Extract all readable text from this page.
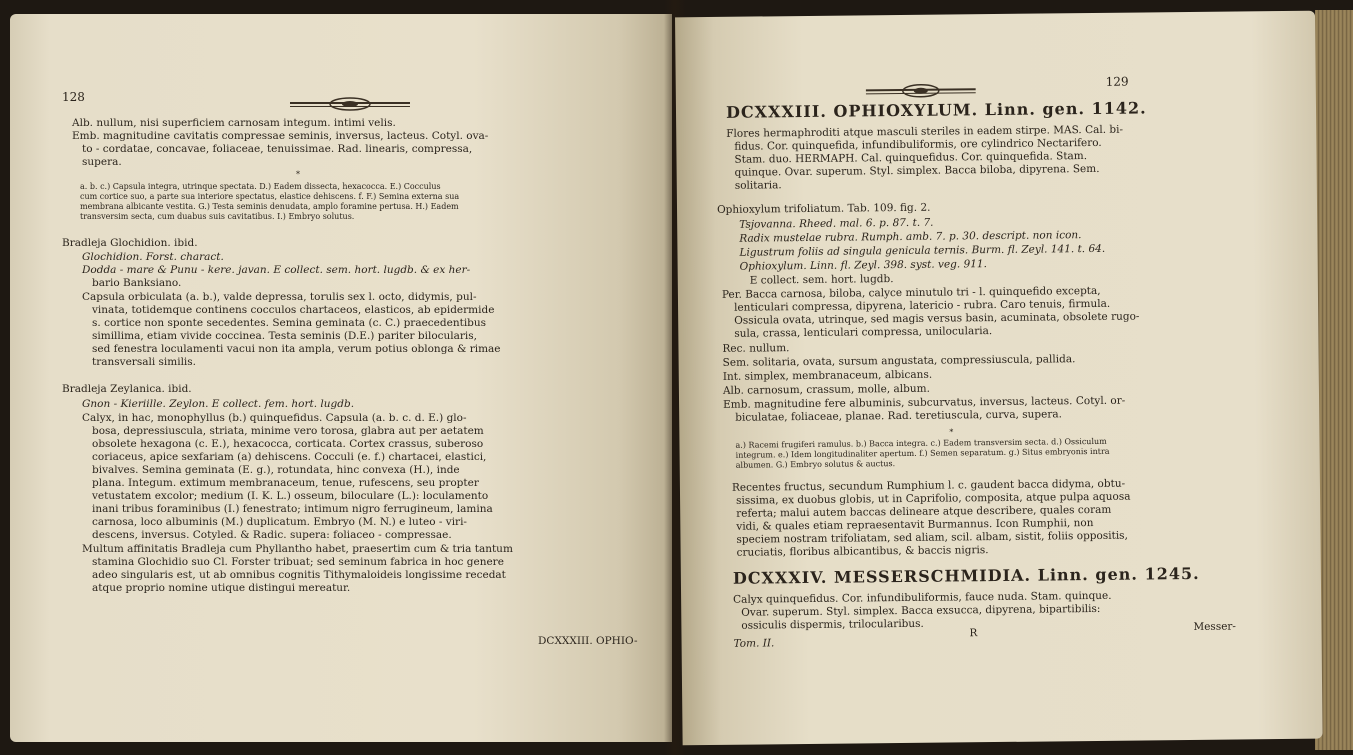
128
Alb. nullum, nisi superficiem carnosam integum. intimi velis.
Emb. magnitudine cavitatis compressae seminis, inversus, lacteus. Cotyl. ova-
to - cordatae, concavae, foliaceae, tenuissimae. Rad. linearis, compressa,
supera.
*
a. b. c.) Capsula integra, utrinque spectata. D.) Eadem dissecta, hexacocca. E.) Cocculus
cum cortice suo, a parte sua interiore spectatus, elastice dehiscens. f. F.) Semina externa sua
membrana albicante vestita. G.) Testa seminis denudata, amplo foramine pertusa. H.) Eadem
transversim secta, cum duabus suis cavitatibus. I.) Embryo solutus.
Bradleja Glochidion. ibid.
Glochidion. Forst. charact.
Dodda - mare & Punu - kere. javan. E collect. sem. hort. lugdb. & ex her-
bario Banksiano.
Capsula orbiculata (a. b.), valde depressa, torulis sex l. octo, didymis, pul-
vinata, totidemque continens cocculos chartaceos, elasticos, ab epidermide
s. cortice non sponte secedentes. Semina geminata (c. C.) praecedentibus
simillima, etiam vivide coccinea. Testa seminis (D.E.) pariter bilocularis,
sed fenestra loculamenti vacui non ita ampla, verum potius oblonga & rimae
transversali similis.
Bradleja Zeylanica. ibid.
Gnon - Kieriille. Zeylon. E collect. fem. hort. lugdb.
Calyx, in hac, monophyllus (b.) quinquefidus. Capsula (a. b. c. d. E.) glo-
bosa, depressiuscula, striata, minime vero torosa, glabra aut per aetatem
obsolete hexagona (c. E.), hexacocca, corticata. Cortex crassus, suberoso
coriaceus, apice sexfariam (a) dehiscens. Cocculi (e. f.) chartacei, elastici,
bivalves. Semina geminata (E. g.), rotundata, hinc convexa (H.), inde
plana. Integum. extimum membranaceum, tenue, rufescens, seu propter
vetustatem excolor; medium (I. K. L.) osseum, biloculare (L.): loculamento
inani tribus foraminibus (I.) fenestrato; intimum nigro ferrugineum, lamina
carnosa, loco albuminis (M.) duplicatum. Embryo (M. N.) e luteo - viri-
descens, inversus. Cotyled. & Radic. supera: foliaceo - compressae.
Multum affinitatis Bradleja cum Phyllantho habet, praesertim cum & tria tantum
stamina Glochidio suo Cl. Forster tribuat; sed seminum fabrica in hoc genere
adeo singularis est, ut ab omnibus cognitis Tithymaloideis longissime recedat
atque proprio nomine utique distingui mereatur.
DCXXXIII. OPHIO-
129
DCXXXIII. OPHIOXYLUM. Linn. gen. 1142.
Flores hermaphroditi atque masculi steriles in eadem stirpe. MAS. Cal. bi-
fidus. Cor. quinquefida, infundibuliformis, ore cylindrico Nectarifero.
Stam. duo. HERMAPH. Cal. quinquefidus. Cor. quinquefida. Stam.
quinque. Ovar. superum. Styl. simplex. Bacca biloba, dipyrena. Sem.
solitaria.
Ophioxylum trifoliatum. Tab. 109. fig. 2.
Tsjovanna. Rheed. mal. 6. p. 87. t. 7.
Radix mustelae rubra. Rumph. amb. 7. p. 30. descript. non icon.
Ligustrum foliis ad singula genicula ternis. Burm. fl. Zeyl. 141. t. 64.
Ophioxylum. Linn. fl. Zeyl. 398. syst. veg. 911.
E collect. sem. hort. lugdb.
Per. Bacca carnosa, biloba, calyce minutulo tri - l. quinquefido excepta,
lenticulari compressa, dipyrena, latericio - rubra. Caro tenuis, firmula.
Ossicula ovata, utrinque, sed magis versus basin, acuminata, obsolete rugo-
sula, crassa, lenticulari compressa, unilocularia.
Rec. nullum.
Sem. solitaria, ovata, sursum angustata, compressiuscula, pallida.
Int. simplex, membranaceum, albicans.
Alb. carnosum, crassum, molle, album.
Emb. magnitudine fere albuminis, subcurvatus, inversus, lacteus. Cotyl. or-
biculatae, foliaceae, planae. Rad. teretiuscula, curva, supera.
*
a.) Racemi frugiferi ramulus. b.) Bacca integra. c.) Eadem transversim secta. d.) Ossiculum
integrum. e.) Idem longitudinaliter apertum. f.) Semen separatum. g.) Situs embryonis intra
albumen. G.) Embryo solutus & auctus.
Recentes fructus, secundum Rumphium l. c. gaudent bacca didyma, obtu-
sissima, ex duobus globis, ut in Caprifolio, composita, atque pulpa aquosa
referta; malui autem baccas delineare atque describere, quales coram
vidi, & quales etiam repraesentavit Burmannus. Icon Rumphii, non
speciem nostram trifoliatam, sed aliam, scil. albam, sistit, foliis oppositis,
cruciatis, floribus albicantibus, & baccis nigris.
DCXXXIV. MESSERSCHMIDIA. Linn. gen. 1245.
Calyx quinquefidus. Cor. infundibuliformis, fauce nuda. Stam. quinque.
Ovar. superum. Styl. simplex. Bacca exsucca, dipyrena, bipartibilis:
ossiculis dispermis, trilocularibus.
Tom. II.
R
Messer-
